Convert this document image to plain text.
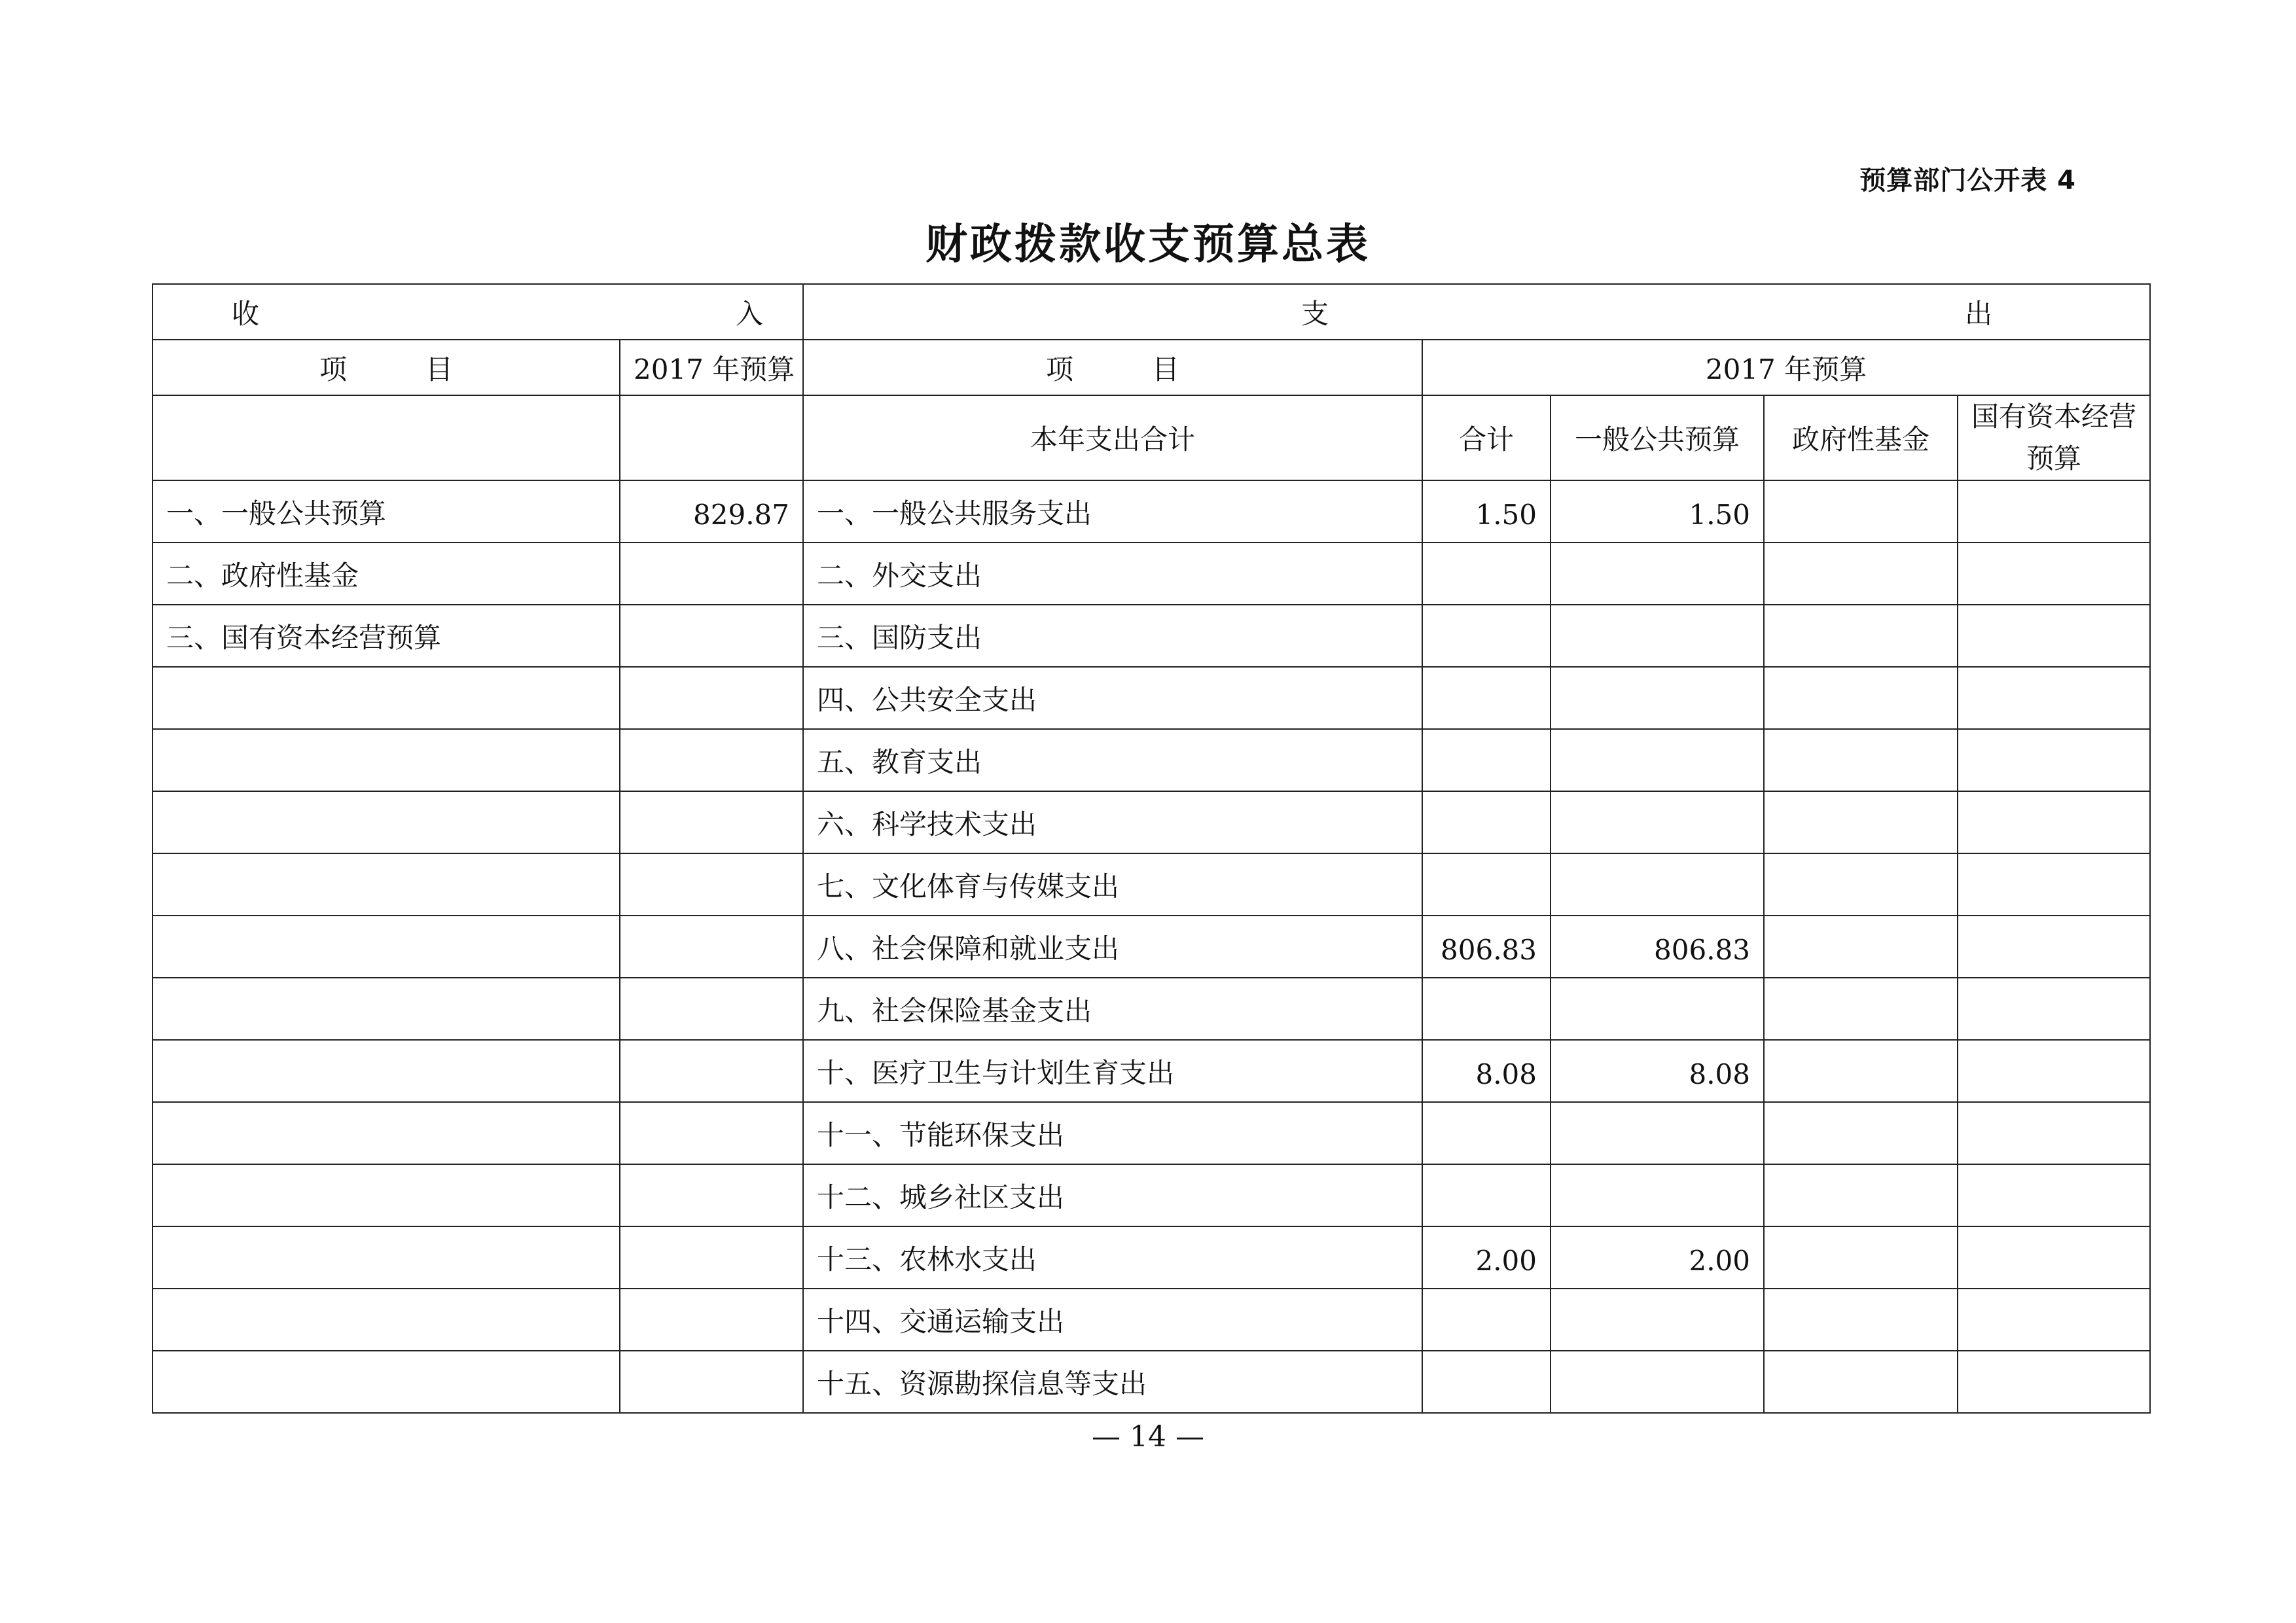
预算部门公开表 4
财政拨款收支预算总表
收 入		支 出				

项 目	2017 年预算	项 目	2017 年预算			
		本年支出合计	合计	一般公共预算	政府性基金	国有资本经营预算
一、一般公共预算	829.87	一、一般公共服务支出	1.50	1.50		
二、政府性基金		二、外交支出				
三、国有资本经营预算		三、国防支出				
		四、公共安全支出				
		五、教育支出				
		六、科学技术支出				
		七、文化体育与传媒支出				
		八、社会保障和就业支出	806.83	806.83		
		九、社会保险基金支出				
		十、医疗卫生与计划生育支出	8.08	8.08		
		十一、节能环保支出				
		十二、城乡社区支出				
		十三、农林水支出	2.00	2.00		
		十四、交通运输支出				
		十五、资源勘探信息等支出				
— 14 —
